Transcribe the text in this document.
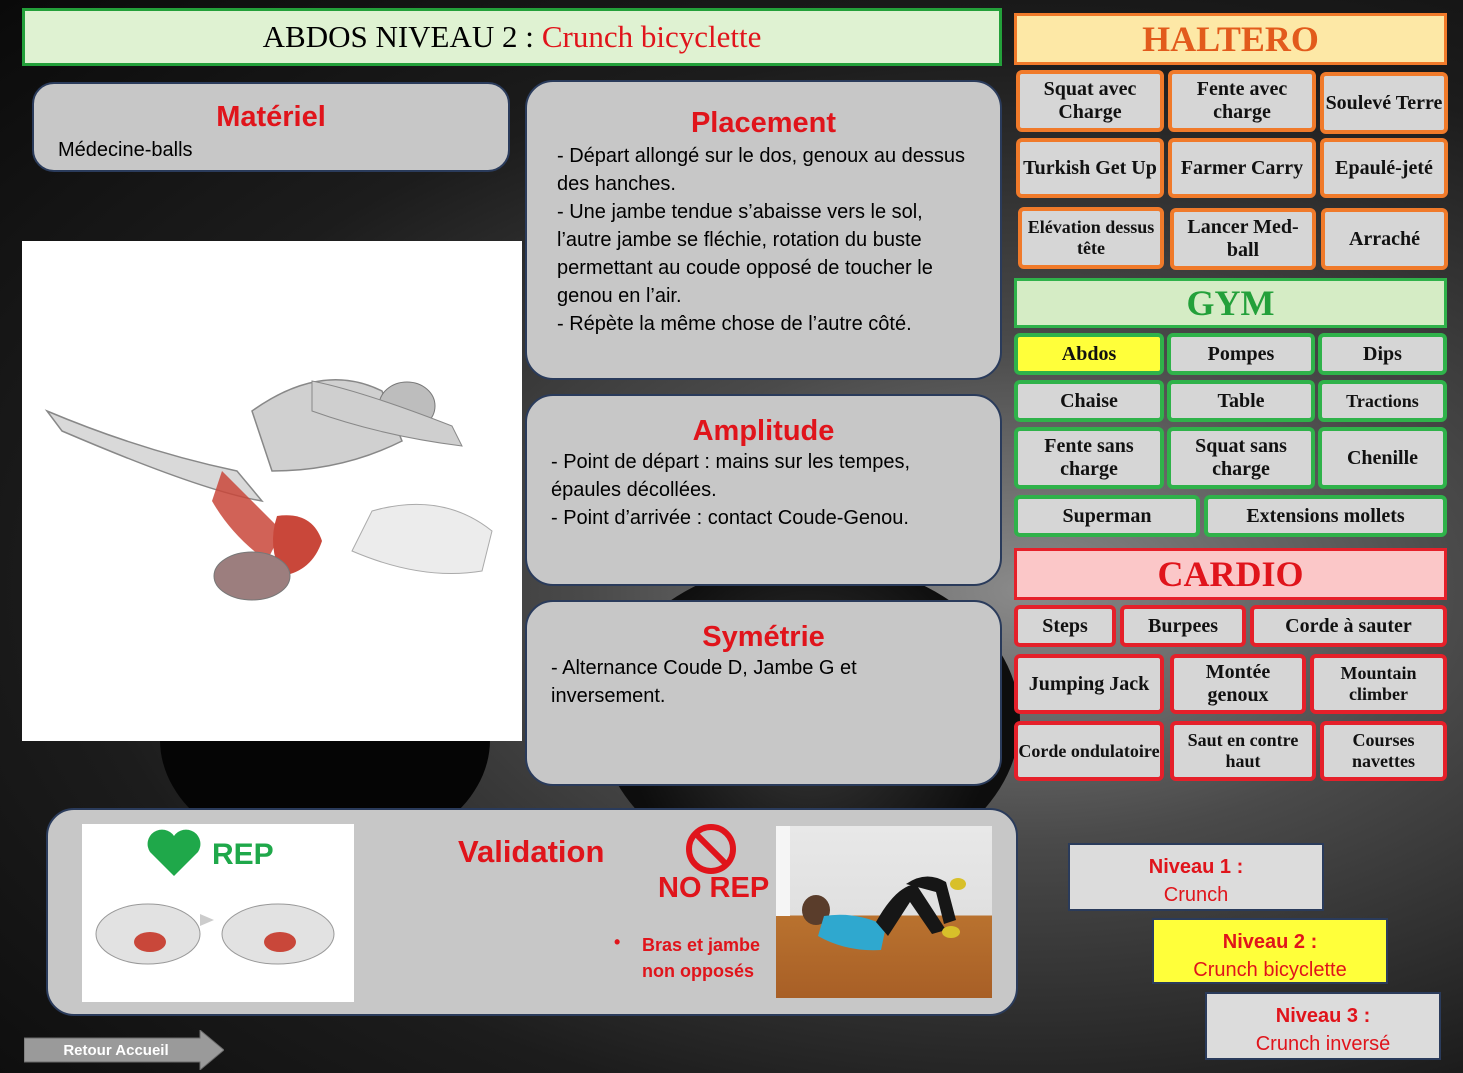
ABDOS NIVEAU 2 : Crunch bicyclette
Matériel

Médecine-balls

Placement

- Départ allongé sur le dos, genoux au dessus des hanches.

- Une jambe tendue s’abaisse vers le sol, l’autre jambe se fléchie, rotation du buste permettant au coude opposé de toucher le genou en l’air.

- Répète la même chose de l’autre côté.

Amplitude

- Point de départ : mains sur les tempes, épaules décollées.

- Point d’arrivée : contact Coude-Genou.

Symétrie

- Alternance Coude D, Jambe G et inversement.

REP	Validation
NO REP
• Bras et jambe non opposés
Retour Accueil
HALTERO
Squat avec Charge
Fente avec charge	Soulevé Terre
Turkish Get Up	Farmer Carry	Epaulé-jeté
Elévation dessus tête
Lancer Med-ball
Arraché
GYM
Abdos	Pompes	Dips
Chaise	Table	Tractions
Fente sans charge
Squat sans charge
Chenille
Superman	Extensions mollets
CARDIO
Steps	Burpees	Corde à sauter
Jumping Jack
Montée genoux
Mountain climber
Corde ondulatoire
Saut en contre haut
Courses navettes
Niveau 1 :
Crunch
Niveau 2 :
Crunch bicyclette
Niveau 3 :
Crunch inversé
